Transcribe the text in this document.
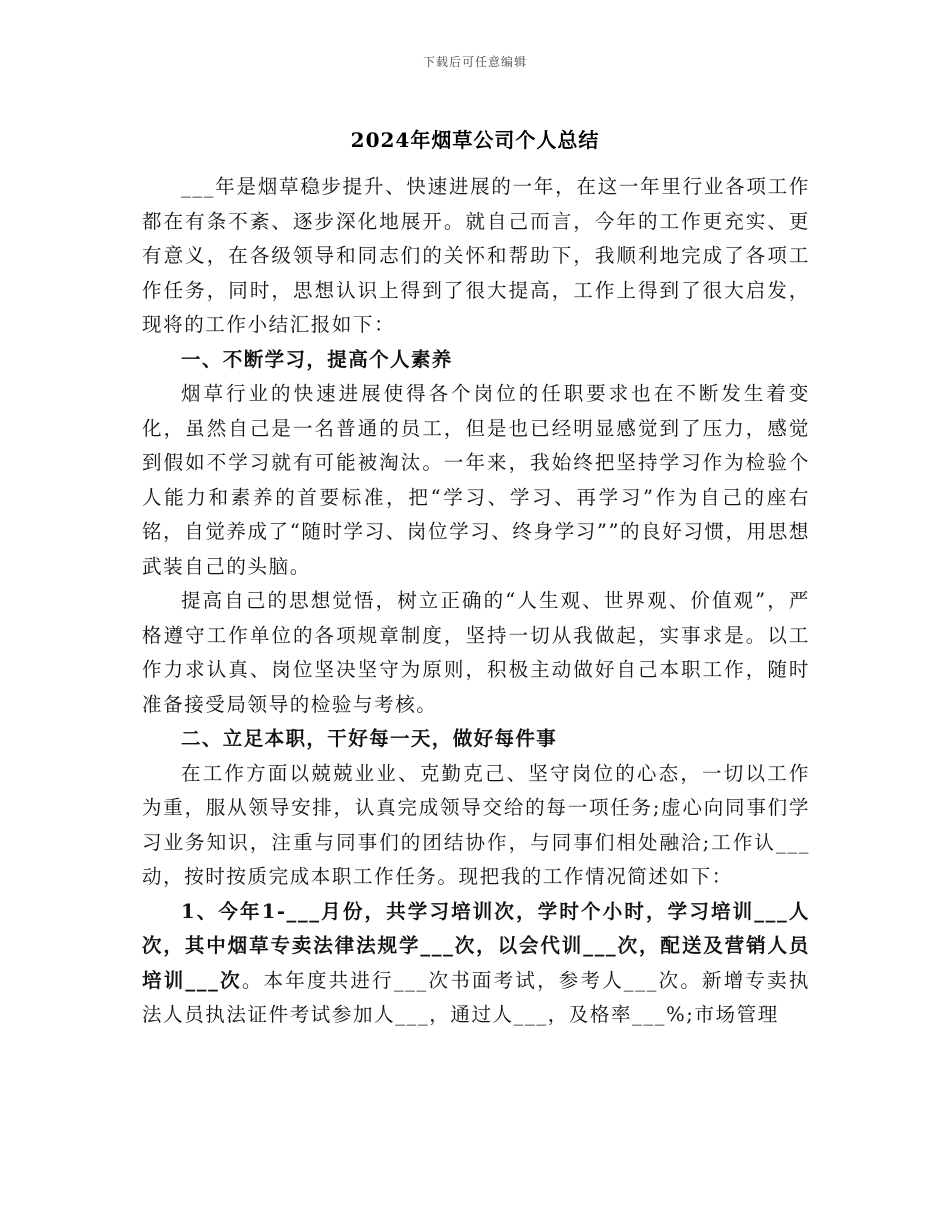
下载后可任意编辑
2024年烟草公司个人总结

___年是烟草稳步提升、快速进展的一年，在这一年里行业各项工作都在有条不紊、逐步深化地展开。就自己而言，今年的工作更充实、更有意义，在各级领导和同志们的关怀和帮助下，我顺利地完成了各项工作任务，同时，思想认识上得到了很大提高，工作上得到了很大启发，现将的工作小结汇报如下：

一、不断学习，提高个人素养

烟草行业的快速进展使得各个岗位的任职要求也在不断发生着变化，虽然自己是一名普通的员工，但是也已经明显感觉到了压力，感觉到假如不学习就有可能被淘汰。一年来，我始终把坚持学习作为检验个人能力和素养的首要标准，把“学习、学习、再学习”作为自己的座右铭，自觉养成了“随时学习、岗位学习、终身学习””的良好习惯，用思想武装自己的头脑。

提高自己的思想觉悟，树立正确的“人生观、世界观、价值观”，严格遵守工作单位的各项规章制度，坚持一切从我做起，实事求是。以工作力求认真、岗位坚决坚守为原则，积极主动做好自己本职工作，随时准备接受局领导的检验与考核。

二、立足本职，干好每一天，做好每件事

在工作方面以兢兢业业、克勤克己、坚守岗位的心态，一切以工作为重，服从领导安排，认真完成领导交给的每一项任务;虚心向同事们学习业务知识，注重与同事们的团结协作，与同事们相处融洽;工作认___动，按时按质完成本职工作任务。现把我的工作情况简述如下：

1、今年1-___月份，共学习培训次，学时个小时，学习培训___人次，其中烟草专卖法律法规学___次，以会代训___次，配送及营销人员培训___次。本年度共进行___次书面考试，参考人___次。新增专卖执法人员执法证件考试参加人___，通过人___，及格率___%;市场管理
